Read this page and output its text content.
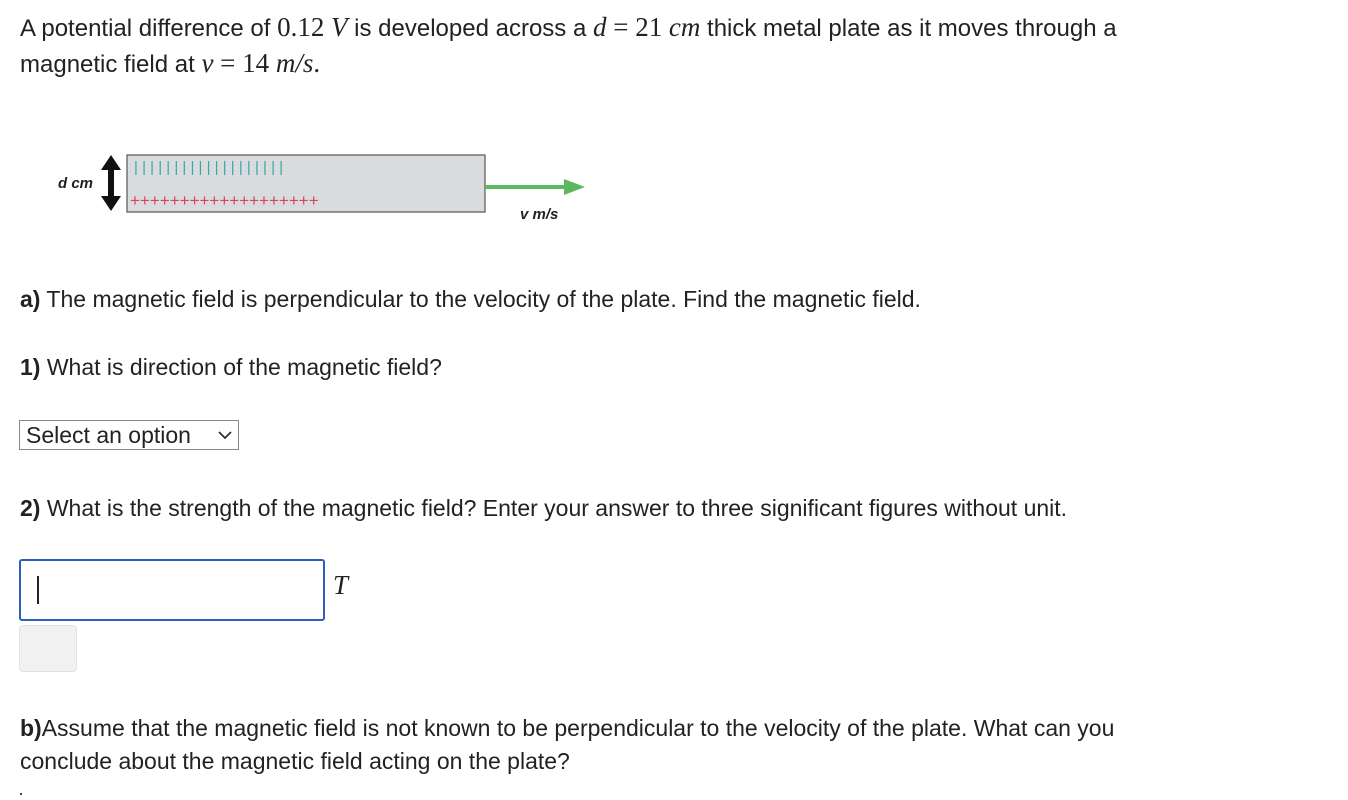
A potential difference of 0.12 V is developed across a d = 21 cm thick metal plate as it moves through a
magnetic field at v = 14 m/s.
d cm
| | | | | | | | | | | | | | | | | | |
+++++++++++++++++++
v m/s
a) The magnetic field is perpendicular to the velocity of the plate. Find the magnetic field.
1) What is direction of the magnetic field?
Select an option
2) What is the strength of the magnetic field? Enter your answer to three significant figures without unit.
T
b)Assume that the magnetic field is not known to be perpendicular to the velocity of the plate. What can you
conclude about the magnetic field acting on the plate?
